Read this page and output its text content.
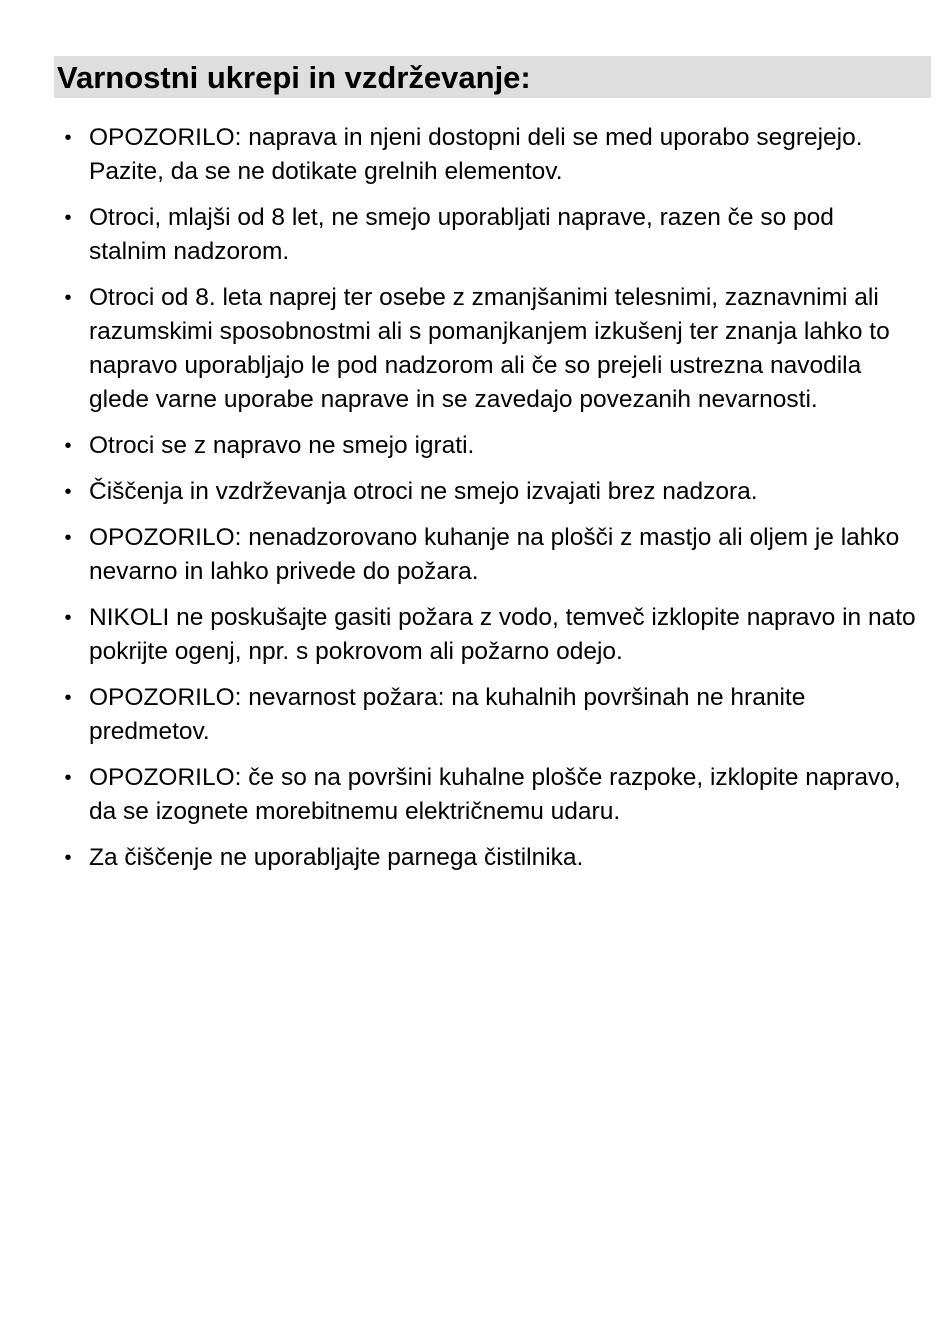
Varnostni ukrepi in vzdrževanje:
• OPOZORILO: naprava in njeni dostopni deli se med uporabo segrejejo. Pazite, da se ne dotikate grelnih elementov.
• Otroci, mlajši od 8 let, ne smejo uporabljati naprave, razen če so pod stalnim nadzorom.
• Otroci od 8. leta naprej ter osebe z zmanjšanimi telesnimi, zaznavnimi ali razumskimi sposobnostmi ali s pomanjkanjem izkušenj ter znanja lahko to napravo uporabljajo le pod nadzorom ali če so prejeli ustrezna navodila glede varne uporabe naprave in se zavedajo povezanih nevarnosti.
• Otroci se z napravo ne smejo igrati.
• Čiščenja in vzdrževanja otroci ne smejo izvajati brez nadzora.
• OPOZORILO: nenadzorovano kuhanje na plošči z mastjo ali oljem je lahko nevarno in lahko privede do požara.
• NIKOLI ne poskušajte gasiti požara z vodo, temveč izklopite napravo in nato pokrijte ogenj, npr. s pokrovom ali požarno odejo.
• OPOZORILO: nevarnost požara: na kuhalnih površinah ne hranite predmetov.
• OPOZORILO: če so na površini kuhalne plošče razpoke, izklopite napravo, da se izognete morebitnemu električnemu udaru.
• Za čiščenje ne uporabljajte parnega čistilnika.
